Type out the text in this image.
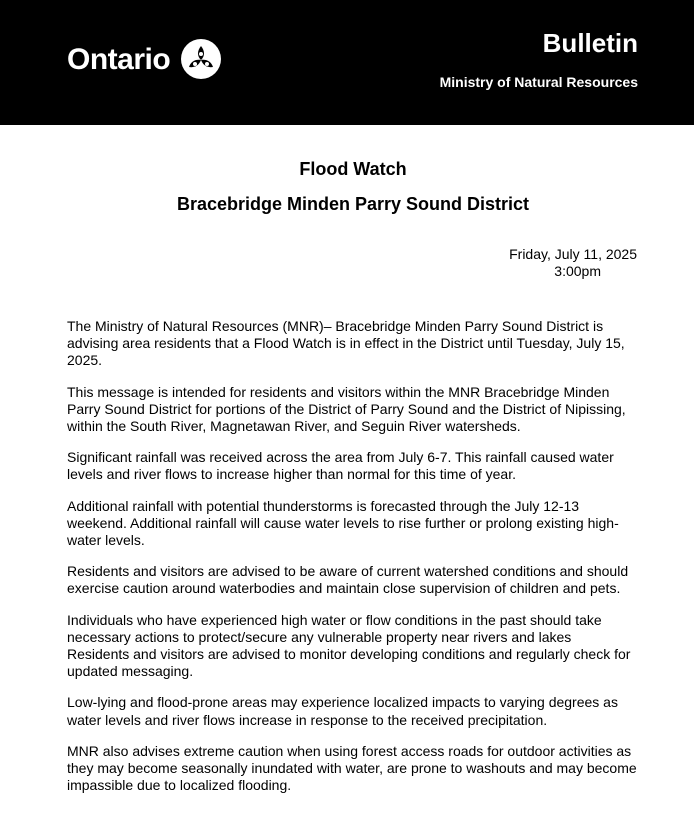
Ontario	Bulletin
Ministry of Natural Resources
Flood Watch
Bracebridge Minden Parry Sound District
Friday, July 11, 2025
3:00pm

The Ministry of Natural Resources (MNR)– Bracebridge Minden Parry Sound District is advising area residents that a Flood Watch is in effect in the District until Tuesday, July 15, 2025.

This message is intended for residents and visitors within the MNR Bracebridge Minden Parry Sound District for portions of the District of Parry Sound and the District of Nipissing, within the South River, Magnetawan River, and Seguin River watersheds.

Significant rainfall was received across the area from July 6-7. This rainfall caused water levels and river flows to increase higher than normal for this time of year.

Additional rainfall with potential thunderstorms is forecasted through the July 12-13 weekend. Additional rainfall will cause water levels to rise further or prolong existing high-water levels.

Residents and visitors are advised to be aware of current watershed conditions and should exercise caution around waterbodies and maintain close supervision of children and pets.

Individuals who have experienced high water or flow conditions in the past should take necessary actions to protect/secure any vulnerable property near rivers and lakes Residents and visitors are advised to monitor developing conditions and regularly check for updated messaging.

Low-lying and flood-prone areas may experience localized impacts to varying degrees as water levels and river flows increase in response to the received precipitation.

MNR also advises extreme caution when using forest access roads for outdoor activities as they may become seasonally inundated with water, are prone to washouts and may become impassible due to localized flooding.
